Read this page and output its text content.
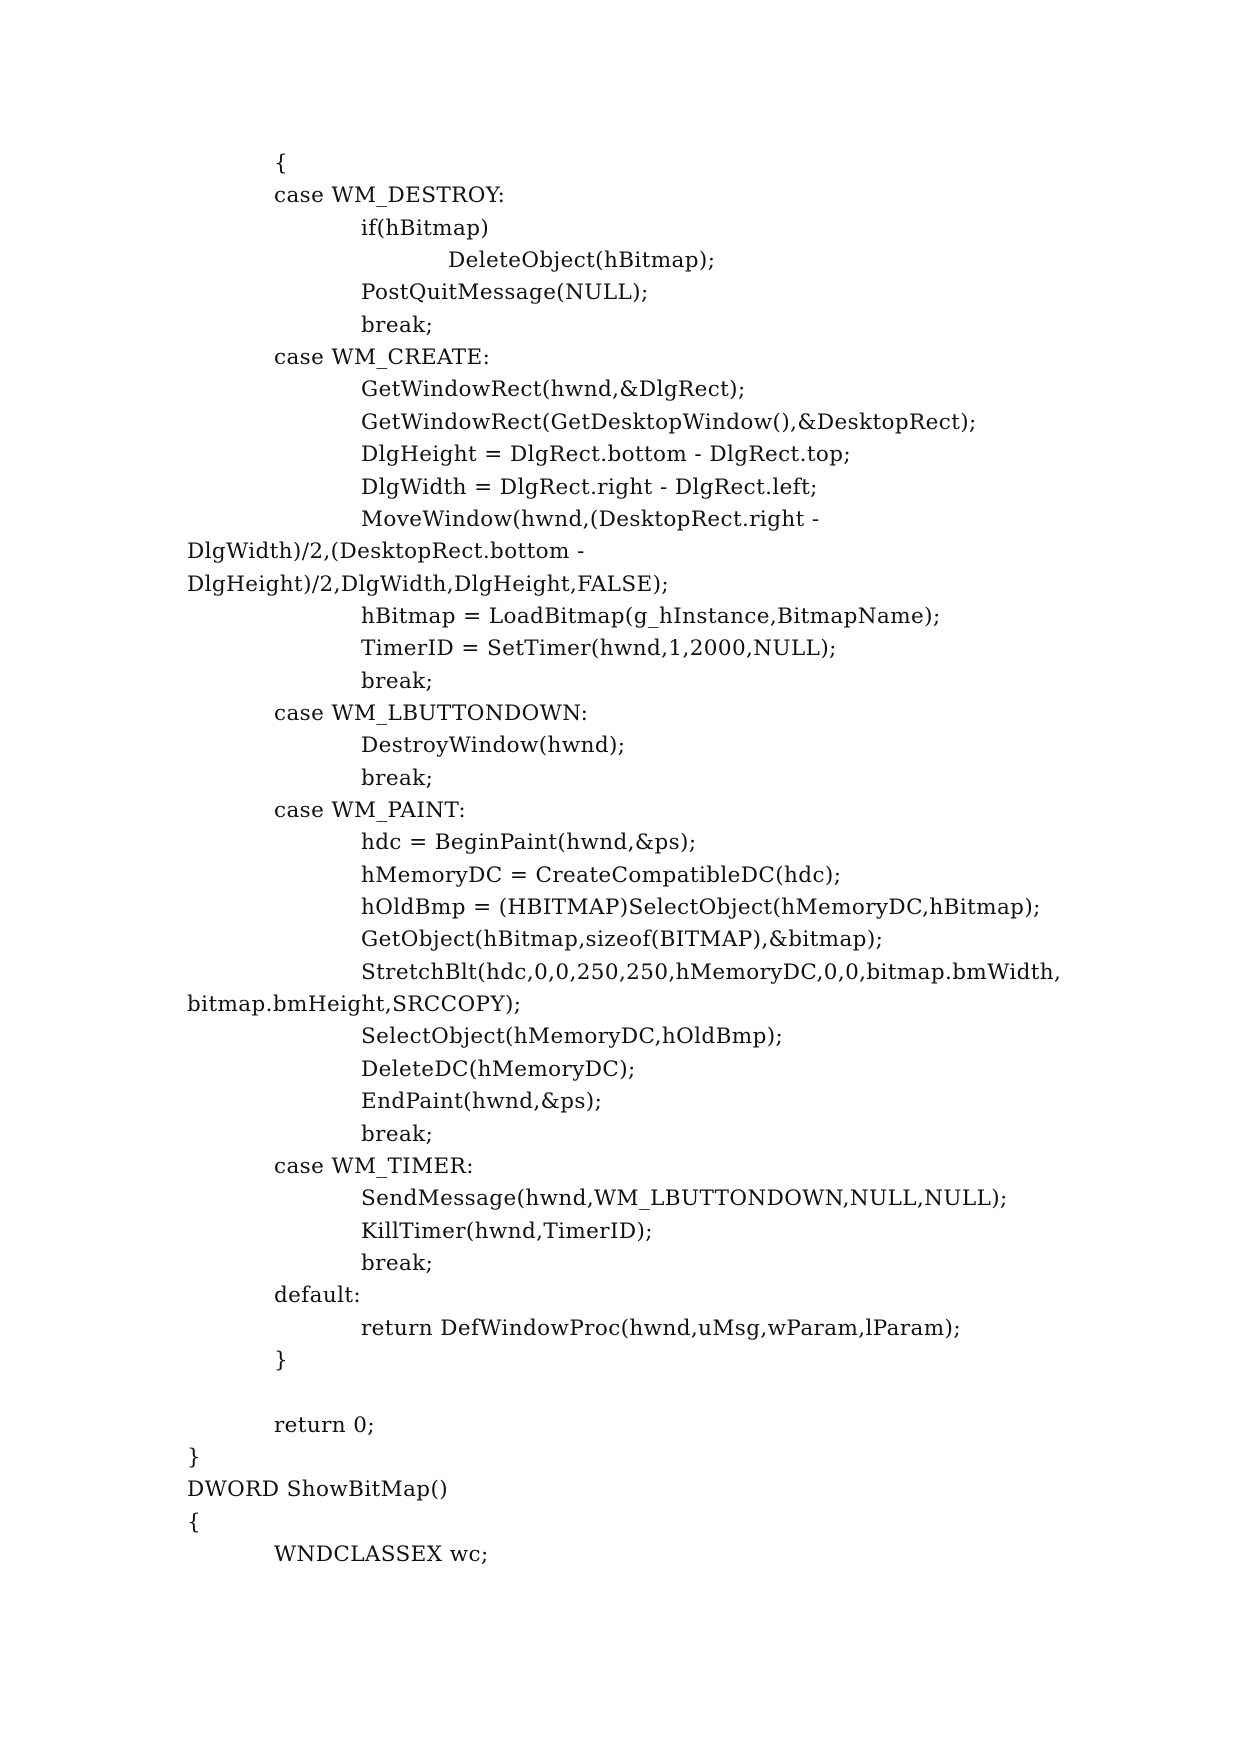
{
case WM_DESTROY:
if(hBitmap)
DeleteObject(hBitmap);
PostQuitMessage(NULL);
break;
case WM_CREATE:
GetWindowRect(hwnd,&DlgRect);
GetWindowRect(GetDesktopWindow(),&DesktopRect);
DlgHeight = DlgRect.bottom - DlgRect.top;
DlgWidth = DlgRect.right - DlgRect.left;
MoveWindow(hwnd,(DesktopRect.right -
DlgWidth)/2,(DesktopRect.bottom -
DlgHeight)/2,DlgWidth,DlgHeight,FALSE);
hBitmap = LoadBitmap(g_hInstance,BitmapName);
TimerID = SetTimer(hwnd,1,2000,NULL);
break;
case WM_LBUTTONDOWN:
DestroyWindow(hwnd);
break;
case WM_PAINT:
hdc = BeginPaint(hwnd,&ps);
hMemoryDC = CreateCompatibleDC(hdc);
hOldBmp = (HBITMAP)SelectObject(hMemoryDC,hBitmap);
GetObject(hBitmap,sizeof(BITMAP),&bitmap);
StretchBlt(hdc,0,0,250,250,hMemoryDC,0,0,bitmap.bmWidth,
bitmap.bmHeight,SRCCOPY);
SelectObject(hMemoryDC,hOldBmp);
DeleteDC(hMemoryDC);
EndPaint(hwnd,&ps);
break;
case WM_TIMER:
SendMessage(hwnd,WM_LBUTTONDOWN,NULL,NULL);
KillTimer(hwnd,TimerID);
break;
default:
return DefWindowProc(hwnd,uMsg,wParam,lParam);
}
return 0;
}
DWORD ShowBitMap()
{
WNDCLASSEX wc;
